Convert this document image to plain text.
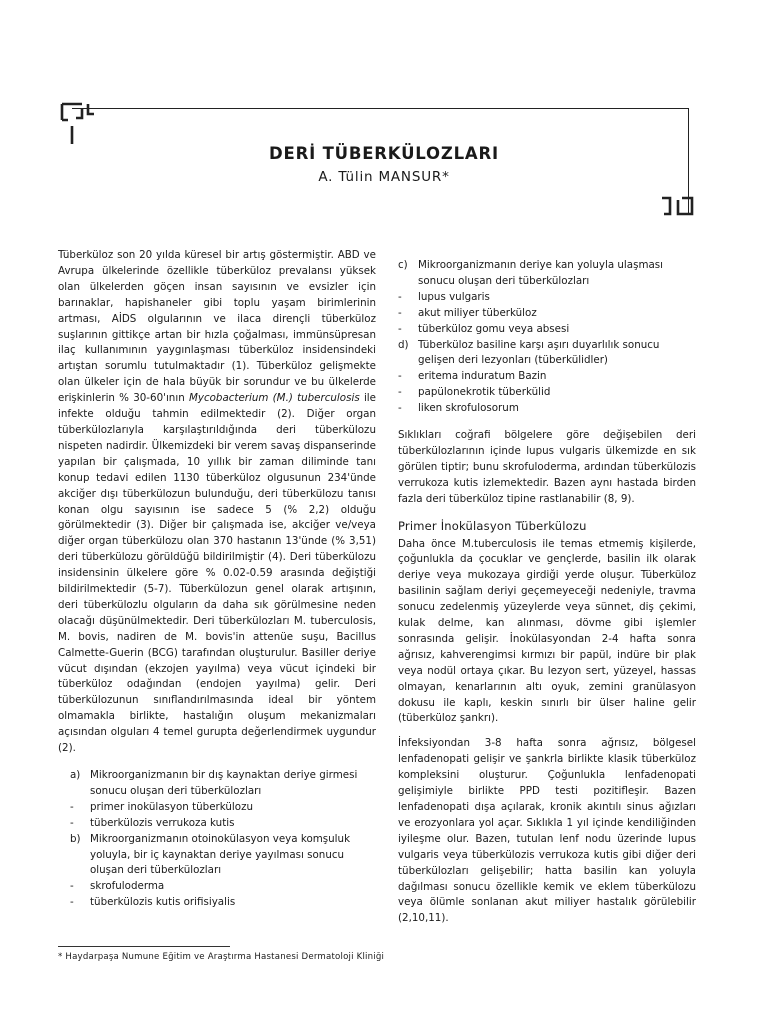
DERİ TÜBERKÜLOZLARI
A. Tülin MANSUR*

Tüberküloz son 20 yılda küresel bir artış göstermiştir. ABD ve Avrupa ülkelerinde özellikle tüberküloz prevalansı yüksek olan ülkelerden göçen insan sayısının ve evsizler için barınaklar, hapishaneler gibi toplu yaşam birimlerinin artması, AİDS olgularının ve ilaca dirençli tüberküloz suşlarının gittikçe artan bir hızla çoğalması, immünsüpresan ilaç kullanımının yaygınlaşması tüberküloz insidensindeki artıştan sorumlu tutulmaktadır (1). Tüberküloz gelişmekte olan ülkeler için de hala büyük bir sorundur ve bu ülkelerde erişkinlerin % 30-60'ının Mycobacterium (M.) tuberculosis ile infekte olduğu tahmin edilmektedir (2). Diğer organ tüberkülozlarıyla karşılaştırıldığında deri tüberkülozu nispeten nadirdir. Ülkemizdeki bir verem savaş dispanserinde yapılan bir çalışmada, 10 yıllık bir zaman diliminde tanı konup tedavi edilen 1130 tüberküloz olgusunun 234'ünde akciğer dışı tüberkülozun bulunduğu, deri tüberkülozu tanısı konan olgu sayısının ise sadece 5 (% 2,2) olduğu görülmektedir (3). Diğer bir çalışmada ise, akciğer ve/veya diğer organ tüberkülozu olan 370 hastanın 13'ünde (% 3,51) deri tüberkülozu görüldüğü bildirilmiştir (4). Deri tüberkülozu insidensinin ülkelere göre % 0.02-0.59 arasında değiştiği bildirilmektedir (5-7). Tüberkülozun genel olarak artışının, deri tüberkülozlu olguların da daha sık görülmesine neden olacağı düşünülmektedir. Deri tüberkülozları M. tuberculosis, M. bovis, nadiren de M. bovis'in attenüe suşu, Bacillus Calmette-Guerin (BCG) tarafından oluşturulur. Basiller deriye vücut dışından (ekzojen yayılma) veya vücut içindeki bir tüberküloz odağından (endojen yayılma) gelir. Deri tüberkülozunun sınıflandırılmasında ideal bir yöntem olmamakla birlikte, hastalığın oluşum mekanizmaları açısından olguları 4 temel gurupta değerlendirmek uygundur (2).

a) Mikroorganizmanın bir dış kaynaktan deriye girmesi sonucu oluşan deri tüberkülozları
-	primer inokülasyon tüberkülozu
-	tüberkülozis verrukoza kutis
b) Mikroorganizmanın otoinokülasyon veya komşuluk yoluyla, bir iç kaynaktan deriye yayılması sonucu oluşan deri tüberkülozları
-	skrofuloderma
-	tüberkülozis kutis orifisiyalis
c)	Mikroorganizmanın deriye kan yoluyla ulaşması sonucu oluşan deri tüberkülozları
-	lupus vulgaris
-	akut miliyer tüberküloz
-	tüberküloz gomu veya absesi
d) Tüberküloz basiline karşı aşırı duyarlılık sonucu gelişen deri lezyonları (tüberkülidler)
-	eritema induratum Bazin
-	papülonekrotik tüberkülid
-	liken skrofulosorum

Sıklıkları coğrafi bölgelere göre değişebilen deri tüberkülozlarının içinde lupus vulgaris ülkemizde en sık görülen tiptir; bunu skrofuloderma, ardından tüberkülozis verrukoza kutis izlemektedir. Bazen aynı hastada birden fazla deri tüberküloz tipine rastlanabilir (8, 9).

Primer İnokülasyon Tüberkülozu

Daha önce M.tuberculosis ile temas etmemiş kişilerde, çoğunlukla da çocuklar ve gençlerde, basilin ilk olarak deriye veya mukozaya girdiği yerde oluşur. Tüberküloz basilinin sağlam deriyi geçemeyeceği nedeniyle, travma sonucu zedelenmiş yüzeylerde veya sünnet, diş çekimi, kulak delme, kan alınması, dövme gibi işlemler sonrasında gelişir. İnokülasyondan 2-4 hafta sonra ağrısız, kahverengimsi kırmızı bir papül, indüre bir plak veya nodül ortaya çıkar. Bu lezyon sert, yüzeyel, hassas olmayan, kenarlarının altı oyuk, zemini granülasyon dokusu ile kaplı, keskin sınırlı bir ülser haline gelir (tüberküloz şankrı).

İnfeksiyondan 3-8 hafta sonra ağrısız, bölgesel lenfadenopati gelişir ve şankrla birlikte klasik tüberküloz kompleksini oluşturur. Çoğunlukla lenfadenopati gelişimiyle birlikte PPD testi pozitifleşir. Bazen lenfadenopati dışa açılarak, kronik akıntılı sinus ağızları ve erozyonlara yol açar. Sıklıkla 1 yıl içinde kendiliğinden iyileşme olur. Bazen, tutulan lenf nodu üzerinde lupus vulgaris veya tüberkülozis verrukoza kutis gibi diğer deri tüberkülozları gelişebilir; hatta basilin kan yoluyla dağılması sonucu özellikle kemik ve eklem tüberkülozu veya ölümle sonlanan akut miliyer hastalık görülebilir (2,10,11).

* Haydarpaşa Numune Eğitim ve Araştırma Hastanesi Dermatoloji Kliniği
